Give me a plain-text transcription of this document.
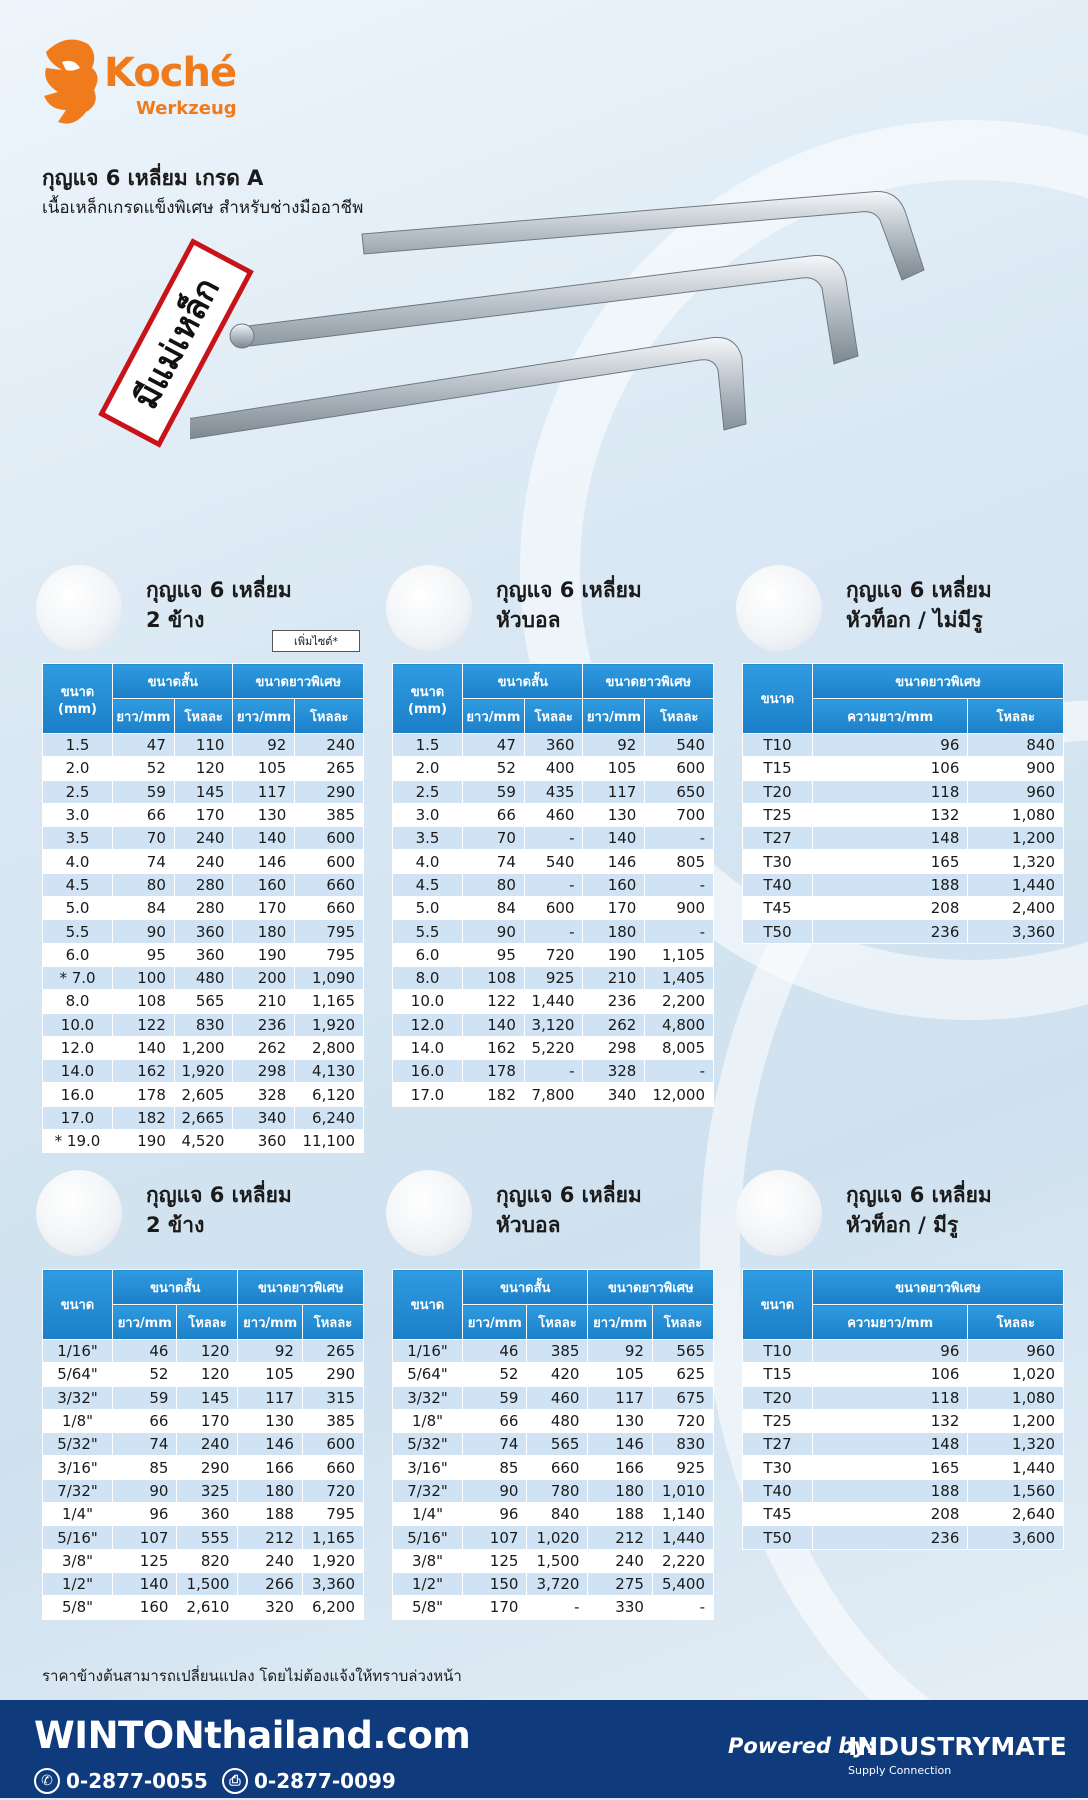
Koché
Werkzeug
กุญแจ 6 เหลี่ยม เกรด A
เนื้อเหล็กเกรดแข็งพิเศษ สำหรับช่างมืออาชีพ
มีแม่เหล็ก
กุญแจ 6 เหลี่ยม
2 ข้าง
เพิ่มไซต์*
กุญแจ 6 เหลี่ยม
หัวบอล
กุญแจ 6 เหลี่ยม
หัวท็อก / ไม่มีรู
กุญแจ 6 เหลี่ยม
2 ข้าง
กุญแจ 6 เหลี่ยม
หัวบอล
กุญแจ 6 เหลี่ยม
หัวท็อก / มีรู
ขนาด
(mm)	ขนาดสั้น		ขนาดยาวพิเศษ	
	ยาว/mm	โหลละ	ยาว/mm	โหลละ
1.5	47	110	92	240
2.0	52	120	105	265
2.5	59	145	117	290
3.0	66	170	130	385
3.5	70	240	140	600
4.0	74	240	146	600
4.5	80	280	160	660
5.0	84	280	170	660
5.5	90	360	180	795
6.0	95	360	190	795
* 7.0	100	480	200	1,090
8.0	108	565	210	1,165
10.0	122	830	236	1,920
12.0	140	1,200	262	2,800
14.0	162	1,920	298	4,130
16.0	178	2,605	328	6,120
17.0	182	2,665	340	6,240
* 19.0	190	4,520	360	11,100
ขนาด
(mm)	ขนาดสั้น		ขนาดยาวพิเศษ	
	ยาว/mm	โหลละ	ยาว/mm	โหลละ
1.5	47	360	92	540
2.0	52	400	105	600
2.5	59	435	117	650
3.0	66	460	130	700
3.5	70	-	140	-
4.0	74	540	146	805
4.5	80	-	160	-
5.0	84	600	170	900
5.5	90	-	180	-
6.0	95	720	190	1,105
8.0	108	925	210	1,405
10.0	122	1,440	236	2,200
12.0	140	3,120	262	4,800
14.0	162	5,220	298	8,005
16.0	178	-	328	-
17.0	182	7,800	340	12,000
ขนาด	ขนาดยาวพิเศษ	
	ความยาว/mm	โหลละ
T10	96	840
T15	106	900
T20	118	960
T25	132	1,080
T27	148	1,200
T30	165	1,320
T40	188	1,440
T45	208	2,400
T50	236	3,360
ขนาด	ขนาดสั้น		ขนาดยาวพิเศษ	
	ยาว/mm	โหลละ	ยาว/mm	โหลละ
1/16"	46	120	92	265
5/64"	52	120	105	290
3/32"	59	145	117	315
1/8"	66	170	130	385
5/32"	74	240	146	600
3/16"	85	290	166	660
7/32"	90	325	180	720
1/4"	96	360	188	795
5/16"	107	555	212	1,165
3/8"	125	820	240	1,920
1/2"	140	1,500	266	3,360
5/8"	160	2,610	320	6,200
ขนาด	ขนาดสั้น		ขนาดยาวพิเศษ	
	ยาว/mm	โหลละ	ยาว/mm	โหลละ
1/16"	46	385	92	565
5/64"	52	420	105	625
3/32"	59	460	117	675
1/8"	66	480	130	720
5/32"	74	565	146	830
3/16"	85	660	166	925
7/32"	90	780	180	1,010
1/4"	96	840	188	1,140
5/16"	107	1,020	212	1,440
3/8"	125	1,500	240	2,220
1/2"	150	3,720	275	5,400
5/8"	170	-	330	-
ขนาด	ขนาดยาวพิเศษ	
	ความยาว/mm	โหลละ
T10	96	960
T15	106	1,020
T20	118	1,080
T25	132	1,200
T27	148	1,320
T30	165	1,440
T40	188	1,560
T45	208	2,640
T50	236	3,600
ราคาข้างต้นสามารถเปลี่ยนแปลง โดยไม่ต้องแจ้งให้ทราบล่วงหน้า
WINTONthailand.com
✆ 0-2877-0055	⎙ 0-2877-0099
Powered by:
INDUSTRYMATE
Supply Connection
